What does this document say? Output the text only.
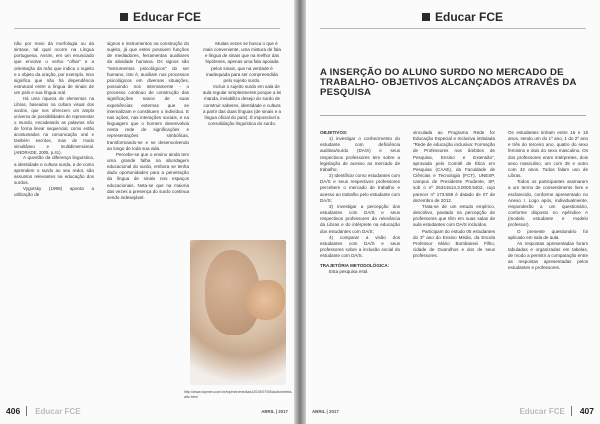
Educar FCE

não por meio da morfologia ou da sintaxe, tal qual ocorre na Língua portuguesa. Assim, em um enunciado que envolve o verbo "olhar" e a orientação da mão que indica o sujeito e o objeto da oração, por exemplo. Isso significa que não há dependência estrutural entre a língua de sinais de um país e sua língua oral.

Há uma riqueza de elementos na Libras, baseados na cultura visual dos surdos, que nos oferecem um amplo universo de possibilidades de representar o mundo, encadeando as palavras não de forma linear sequencial, como estão acostumados na comunicação oral e também escritos, mas de modo simultâneo e multidimensional. (ANDRADE, 2005, p.41).

A questão da diferença linguística, a identidade e cultura surda, e de como aprendem o surdo ao seu redor, são assuntos relevantes na educação dos surdos.

Vygotsky (1998) aponta a utilização de

signos e instrumentos na construção do sujeito, já que estes possuem funções de mediadores, ferramentas auxiliares da atividade humana. Os signos são "instrumentos psicológicos" do ser humano, isto é, auxiliam nos processos psicológicos em diversas situações, possuindo nos internamente - o processo contínuo de construção das significações nasce de suas experiências externas que se internalizam e constituem o indivíduo. E nas ações, nas interações sociais, e na linguagem que o homem desenvolvia nesta rede de significações e representações simbólicas, transformando-se e se desenvolvendo ao longo de toda sua vida.

Percebe-se que o ensino ainda tem uma grande falha na abordagem educacional do surdo, embora se tenha dado oportunidades para a penetração da língua de sinais nos espaços educacionais. Nota-se que na maioria das vezes a presença do surdo continua sendo indesejável.

Muitas vezes se busca o que é mais conveniente, uma mistura de fala e língua de sinais que na melhor das hipóteses, apenas uma fala apoiada pelos sinais, que na verdade é inadequada para ser compreendida pelo sujeito surdo.

Incluir o sujeito surdo em sala de aula regular simplesmente porque a lei manda, inviabilizo desejo do surdo de construir saberes, identidade e cultura a partir das duas línguas (de sinais e a língua oficial do país). É impossível a consolidação linguística do surdo.

http://www.topmen.com.br/topmen/media/u/2015/07/05/audiometria-alto.html
406 Educar FCE	ABRIL | 2017
Educar FCE
A INSERÇÃO DO ALUNO SURDO NO MERCADO DE TRABALHO- OBJETIVOS ALCANÇADOS ATRAVÉS DA PESQUISA

OBJETIVOS:

1) investigar o conhecimento do estudante com deficiência auditiva/surdo (DA/S) e seus respectivos professores tem sobre a legislação de acesso ao mercado de trabalho;

2) Identificar como estudantes com DA/S e seus respectivos professores percebem o mercado de trabalho e acesso ao trabalho pelo estudante com DA/S;

3) investigar a percepção dos estudantes com DA/S e seus respectivos professores da relevância da Libras e do intérprete na educação dos estudantes com DA/S;

4) comparar a visão dos estudantes com DA/S e seus professores sobre a inclusão social do estudante com DA/S.

TRAJETÓRIA METODOLÓGICA:

Esta pesquisa está

vinculada ao Programa Rede for Educação Especial e Inclusiva intitulada "Rede de educação inclusiva: Formação de Professores nos âmbitos de Pesquisa, Ensino e Extensão", aprovada pelo Comitê de Ética em Pesquisa (CAAE), da Faculdade de Ciências e Tecnologia (FCT), UNESP, campus de Presidente Prudente, SP, sob o nº 26341614.3.0000.5402, cujo parecer nº 173.558 é datado de 07 de dezembro de 2012.

Trata-se de um estudo empírico, descritivo, pautado na percepção de professores que têm em suas salas de aula estudantes com DA/S incluídos.

Participam do estudo 05 estudantes do 3º ano do Ensino Médio, da Escola Professor Mário Bombassei Filho, cidade de Guarulhos e dos de seus professores.

Os estudantes tinham entre 16 e 18 anos, sendo um do 1º ano, 1 do 2º ano e três do terceiro ano, quatro do sexo feminino e dois do sexo masculino. Os dos professores eram intérpretes, dois sexo masculino, um com 35 e outro com 42 anos. Todos falam uso de Libras.

Todos os participantes assinaram a um termo de consentimento livre e esclarecido, conforme apresentado no Anexo I. Logo após, individualmente, responderão a um questionário, conforme disposto no Apêndice A (modelo estudante e modelo professor).

O presente questionário foi aplicado em sala de aula.

As respostas apresentadas foram tabuladas e organizadas em tabelas, de modo a permitir a comparação entre as respostas apresentadas pelos estudantes e professores.

ABRIL | 2017	Educar FCE 407
